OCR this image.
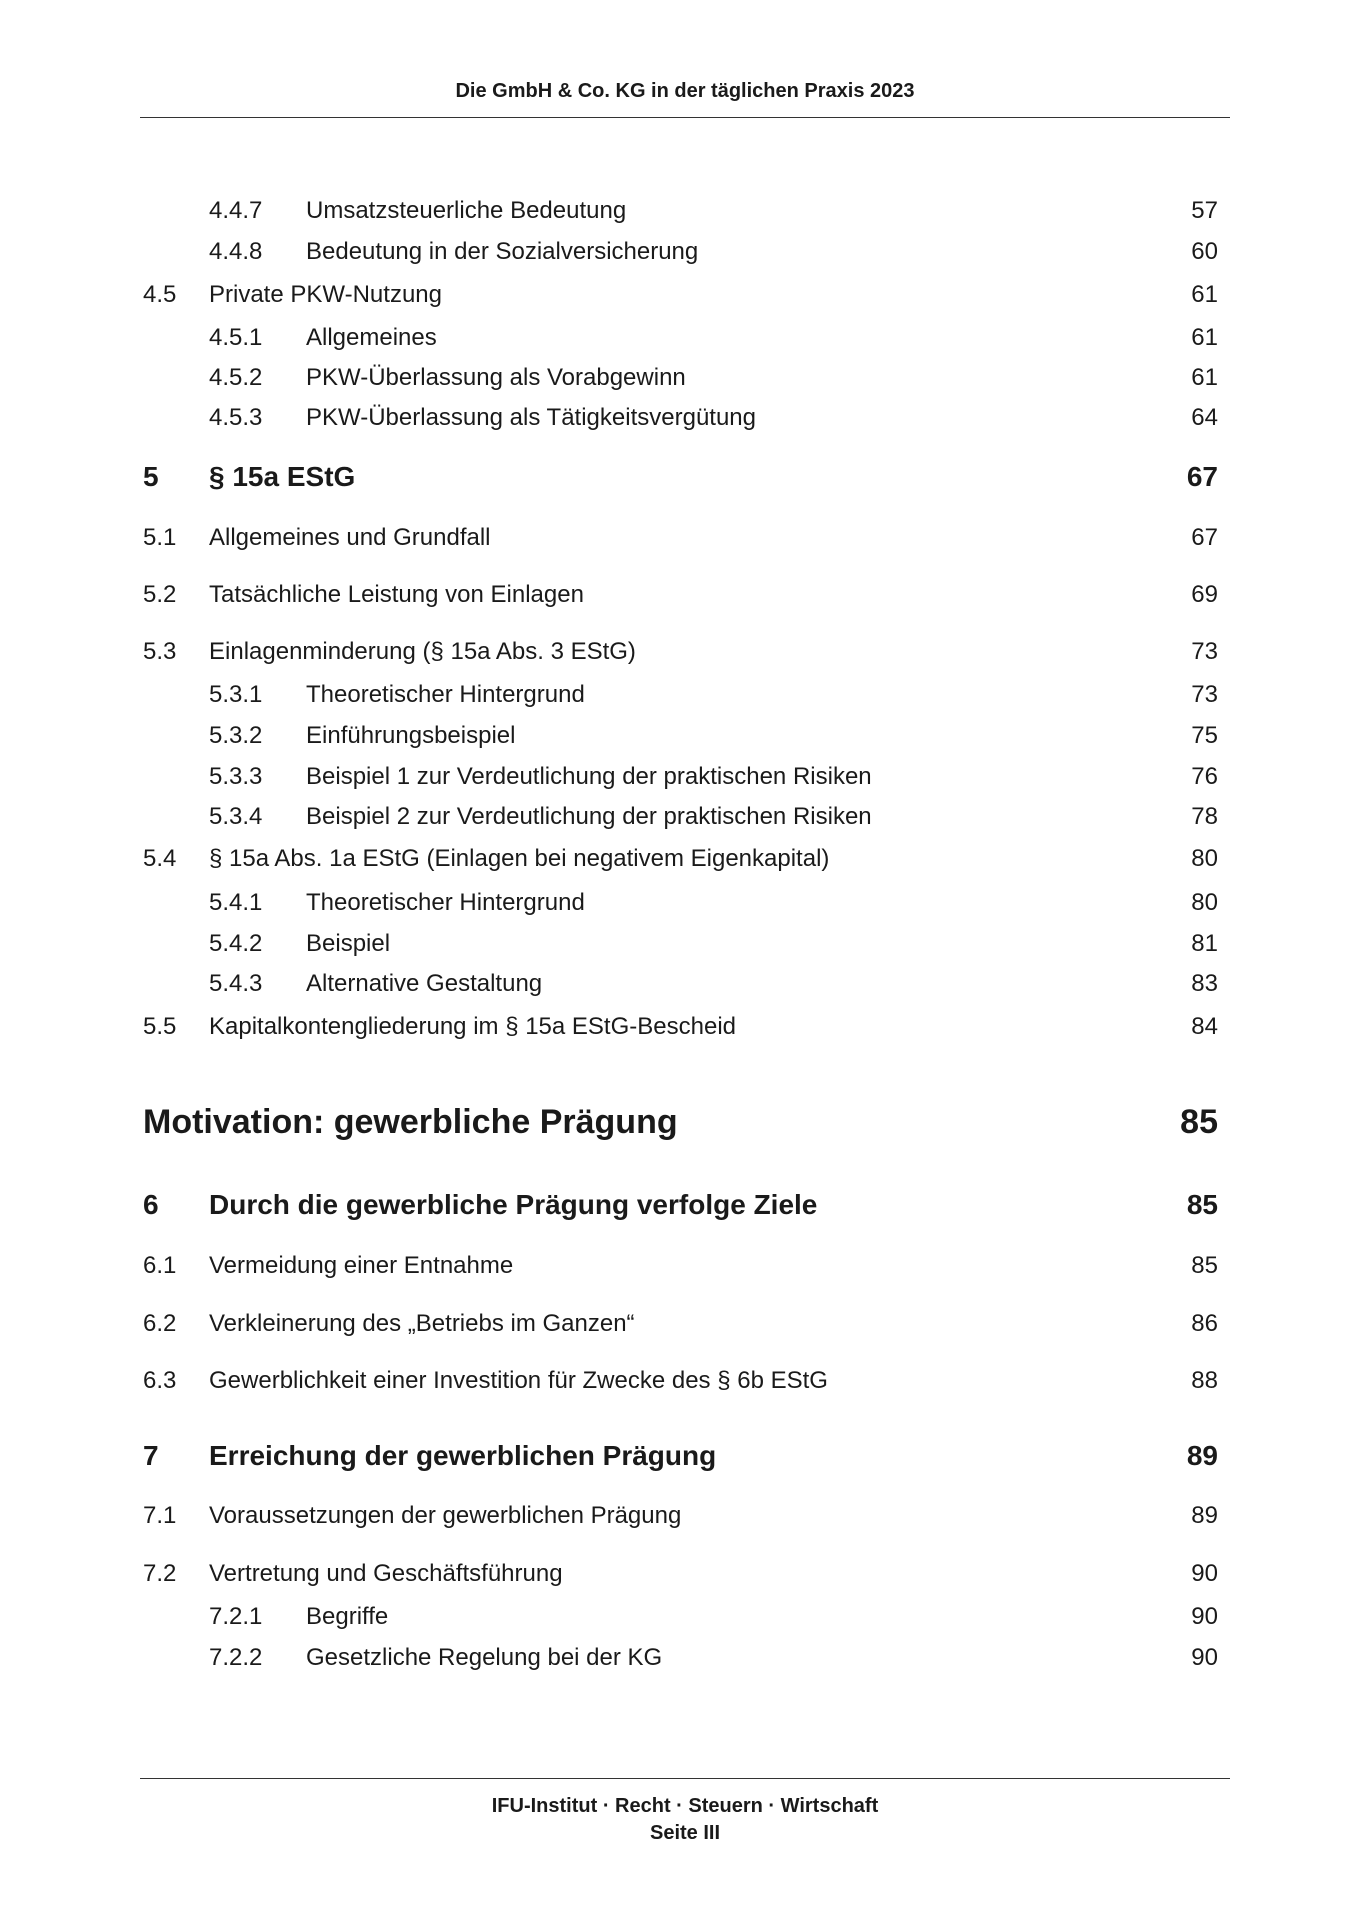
Die GmbH & Co. KG in der täglichen Praxis 2023
4.4.7 Umsatzsteuerliche Bedeutung	57
4.4.8 Bedeutung in der Sozialversicherung	60
4.5 Private PKW-Nutzung	61
4.5.1 Allgemeines	61
4.5.2 PKW-Überlassung als Vorabgewinn	61
4.5.3 PKW-Überlassung als Tätigkeitsvergütung	64
5 § 15a EStG	67
5.1 Allgemeines und Grundfall	67
5.2 Tatsächliche Leistung von Einlagen	69
5.3 Einlagenminderung (§ 15a Abs. 3 EStG)	73
5.3.1 Theoretischer Hintergrund	73
5.3.2 Einführungsbeispiel	75
5.3.3 Beispiel 1 zur Verdeutlichung der praktischen Risiken	76
5.3.4 Beispiel 2 zur Verdeutlichung der praktischen Risiken	78
5.4 § 15a Abs. 1a EStG (Einlagen bei negativem Eigenkapital)	80
5.4.1 Theoretischer Hintergrund	80
5.4.2 Beispiel	81
5.4.3 Alternative Gestaltung	83
5.5 Kapitalkontengliederung im § 15a EStG-Bescheid	84
Motivation: gewerbliche Prägung	85
6 Durch die gewerbliche Prägung verfolge Ziele	85
6.1 Vermeidung einer Entnahme	85
6.2 Verkleinerung des „Betriebs im Ganzen“	86
6.3 Gewerblichkeit einer Investition für Zwecke des § 6b EStG	88
7 Erreichung der gewerblichen Prägung	89
7.1 Voraussetzungen der gewerblichen Prägung	89
7.2 Vertretung und Geschäftsführung	90
7.2.1 Begriffe	90
7.2.2 Gesetzliche Regelung bei der KG	90
IFU-Institut · Recht · Steuern · Wirtschaft
Seite III
